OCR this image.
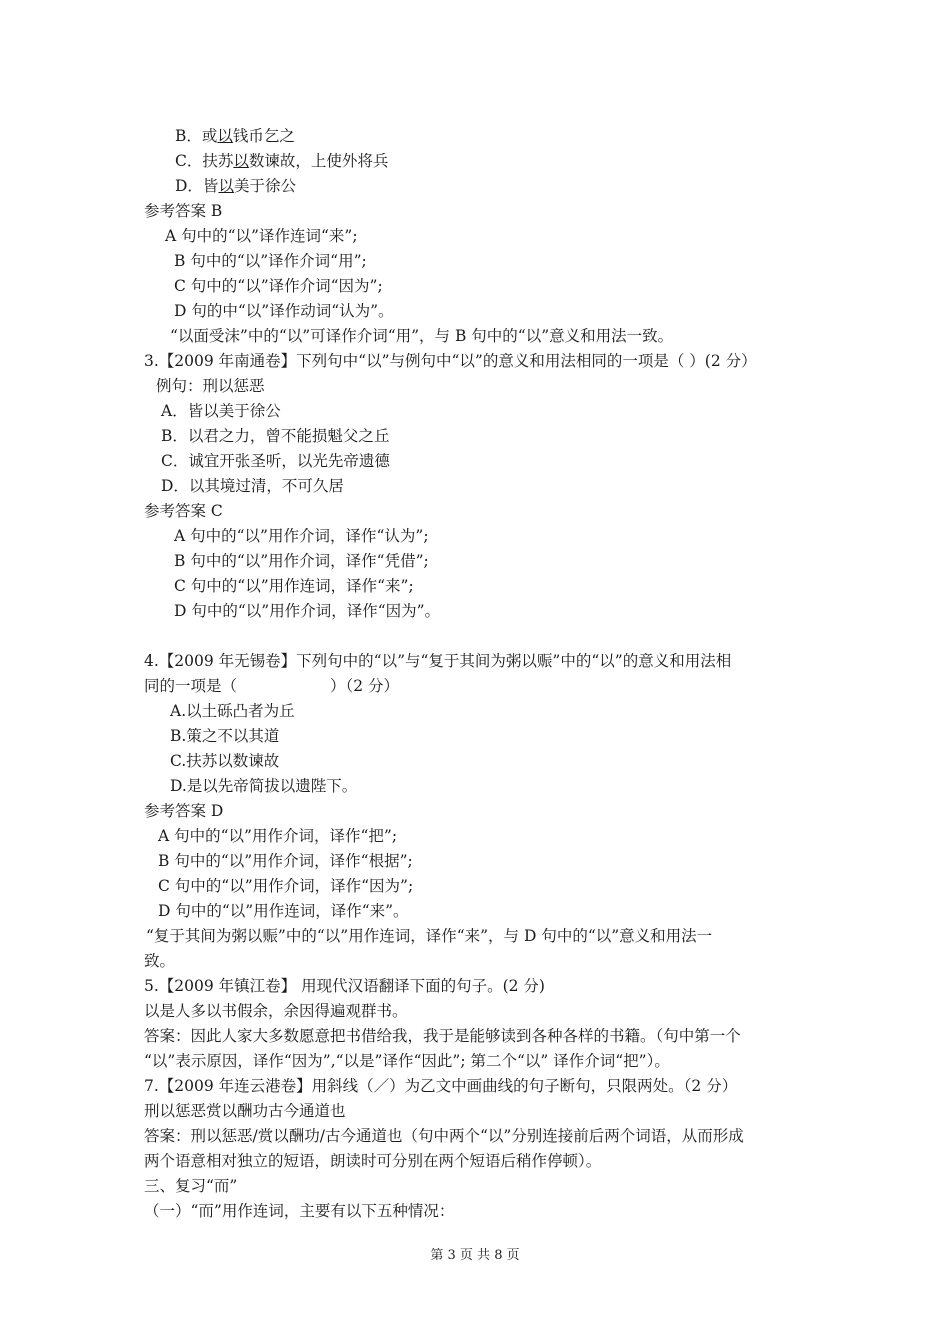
B．或以钱币乞之
C．扶苏以数谏故，上使外将兵
D．皆以美于徐公
参考答案 B
A 句中的“以”译作连词“来”;
B 句中的“以”译作介词“用”;
C 句中的“以”译作介词“因为”;
D 句的中“以”译作动词“认为”。
“以面受沫”中的“以”可译作介词“用”，与 B 句中的“以”意义和用法一致。
3.【2009 年南通卷】下列句中“以”与例句中“以”的意义和用法相同的一项是（ ）(2 分）
例句：刑以惩恶
A．皆以美于徐公
B．以君之力，曾不能损魁父之丘
C．诚宜开张圣听，以光先帝遗德
D．以其境过清，不可久居
参考答案 C
A 句中的“以”用作介词，译作“认为”;
B 句中的“以”用作介词，译作“凭借”;
C 句中的“以”用作连词，译作“来”;
D 句中的“以”用作介词，译作“因为”。
4.【2009 年无锡卷】下列句中的“以”与“复于其间为粥以赈”中的“以”的意义和用法相
同的一项是（　　　　　　）（2 分）
A.以土砾凸者为丘
B.策之不以其道
C.扶苏以数谏故
D.是以先帝简拔以遗陛下。
参考答案 D
A 句中的“以”用作介词，译作“把”;
B 句中的“以”用作介词，译作“根据”;
C 句中的“以”用作介词，译作“因为”;
D 句中的“以”用作连词，译作“来”。
“复于其间为粥以赈”中的“以”用作连词，译作“来”，与 D 句中的“以”意义和用法一
致。
5.【2009 年镇江卷】 用现代汉语翻译下面的句子。(2 分)
以是人多以书假余，余因得遍观群书。
答案：因此人家大多数愿意把书借给我，我于是能够读到各种各样的书籍。（句中第一个
“以”表示原因，译作“因为”,“以是”译作“因此”; 第二个“以” 译作介词“把”）。
7.【2009 年连云港卷】用斜线（／）为乙文中画曲线的句子断句，只限两处。（2 分）
刑以惩恶赏以酬功古今通道也
答案：刑以惩恶/赏以酬功/古今通道也（句中两个“以”分别连接前后两个词语，从而形成
两个语意相对独立的短语，朗读时可分别在两个短语后稍作停顿）。
三、复习“而”
（一）“而”用作连词，主要有以下五种情况：
第 3 页 共 8 页
